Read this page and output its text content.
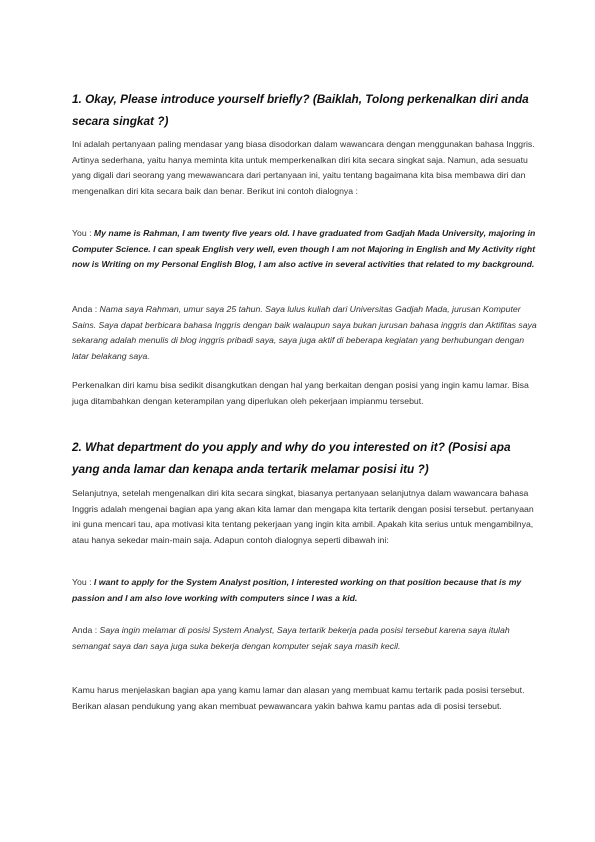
1. Okay, Please introduce yourself briefly? (Baiklah, Tolong perkenalkan diri anda secara singkat ?)

Ini adalah pertanyaan paling mendasar yang biasa disodorkan dalam wawancara dengan menggunakan bahasa Inggris. Artinya sederhana, yaitu hanya meminta kita untuk memperkenalkan diri kita secara singkat saja. Namun, ada sesuatu yang digali dari seorang yang mewawancara dari pertanyaan ini, yaitu tentang bagaimana kita bisa membawa diri dan mengenalkan diri kita secara baik dan benar. Berikut ini contoh dialognya :

You : My name is Rahman, I am twenty five years old. I have graduated from Gadjah Mada University, majoring in Computer Science. I can speak English very well, even though I am not Majoring in English and My Activity right now is Writing on my Personal English Blog, I am also active in several activities that related to my background.

Anda : Nama saya Rahman, umur saya 25 tahun. Saya lulus kuliah dari Universitas Gadjah Mada, jurusan Komputer Sains. Saya dapat berbicara bahasa Inggris dengan baik walaupun saya bukan jurusan bahasa inggris dan Aktifitas saya sekarang adalah menulis di blog inggris pribadi saya, saya juga aktif di beberapa kegiatan yang berhubungan dengan latar belakang saya.

Perkenalkan diri kamu bisa sedikit disangkutkan dengan hal yang berkaitan dengan posisi yang ingin kamu lamar. Bisa juga ditambahkan dengan keterampilan yang diperlukan oleh pekerjaan impianmu tersebut.

2. What department do you apply and why do you interested on it? (Posisi apa yang anda lamar dan kenapa anda tertarik melamar posisi itu ?)

Selanjutnya, setelah mengenalkan diri kita secara singkat, biasanya pertanyaan selanjutnya dalam wawancara bahasa Inggris adalah mengenai bagian apa yang akan kita lamar dan mengapa kita tertarik dengan posisi tersebut. pertanyaan ini guna mencari tau, apa motivasi kita tentang pekerjaan yang ingin kita ambil. Apakah kita serius untuk mengambilnya, atau hanya sekedar main-main saja. Adapun contoh dialognya seperti dibawah ini:

You : I want to apply for the System Analyst position, I interested working on that position because that is my passion and I am also love working with computers since I was a kid.

Anda : Saya ingin melamar di posisi System Analyst, Saya tertarik bekerja pada posisi tersebut karena saya itulah semangat saya dan saya juga suka bekerja dengan komputer sejak saya masih kecil.

Kamu harus menjelaskan bagian apa yang kamu lamar dan alasan yang membuat kamu tertarik pada posisi tersebut. Berikan alasan pendukung yang akan membuat pewawancara yakin bahwa kamu pantas ada di posisi tersebut.
